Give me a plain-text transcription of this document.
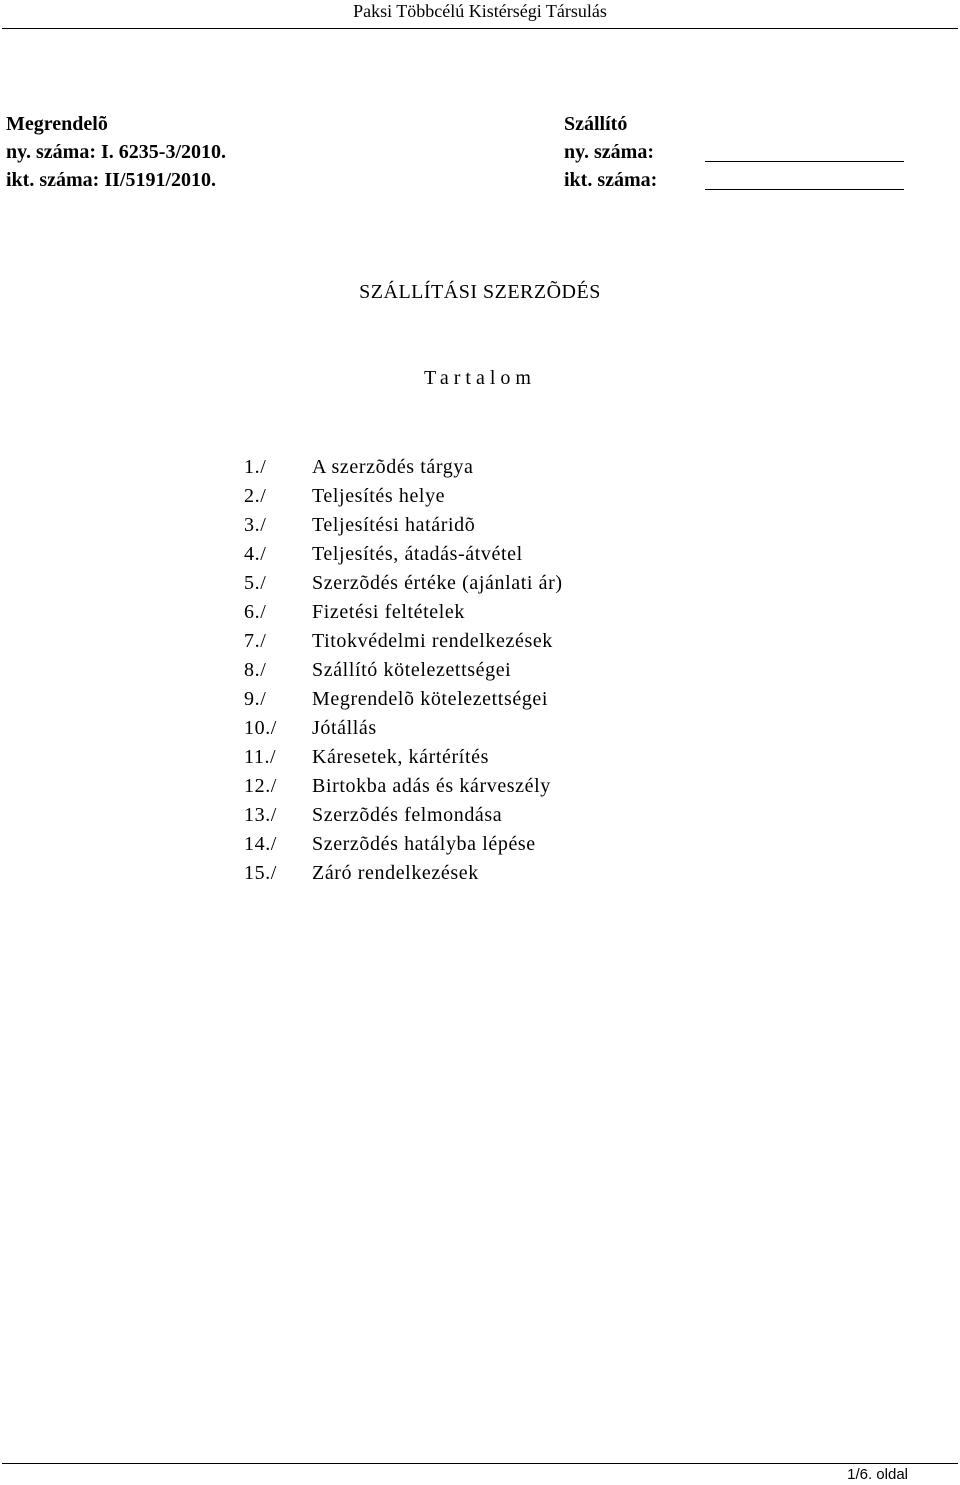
Paksi Többcélú Kistérségi Társulás
Megrendelõ
ny. száma: I. 6235-3/2010.
ikt. száma: II/5191/2010.
Szállító
ny. száma:
ikt. száma:
SZÁLLÍTÁSI SZERZÕDÉS
Tartalom
1./ A szerzõdés tárgya
2./ Teljesítés helye
3./ Teljesítési határidõ
4./ Teljesítés, átadás-átvétel
5./ Szerzõdés értéke (ajánlati ár)
6./ Fizetési feltételek
7./ Titokvédelmi rendelkezések
8./ Szállító kötelezettségei
9./ Megrendelõ kötelezettségei
10./ Jótállás
11./ Káresetek, kártérítés
12./ Birtokba adás és kárveszély
13./ Szerzõdés felmondása
14./ Szerzõdés hatályba lépése
15./ Záró rendelkezések
1/6. oldal
